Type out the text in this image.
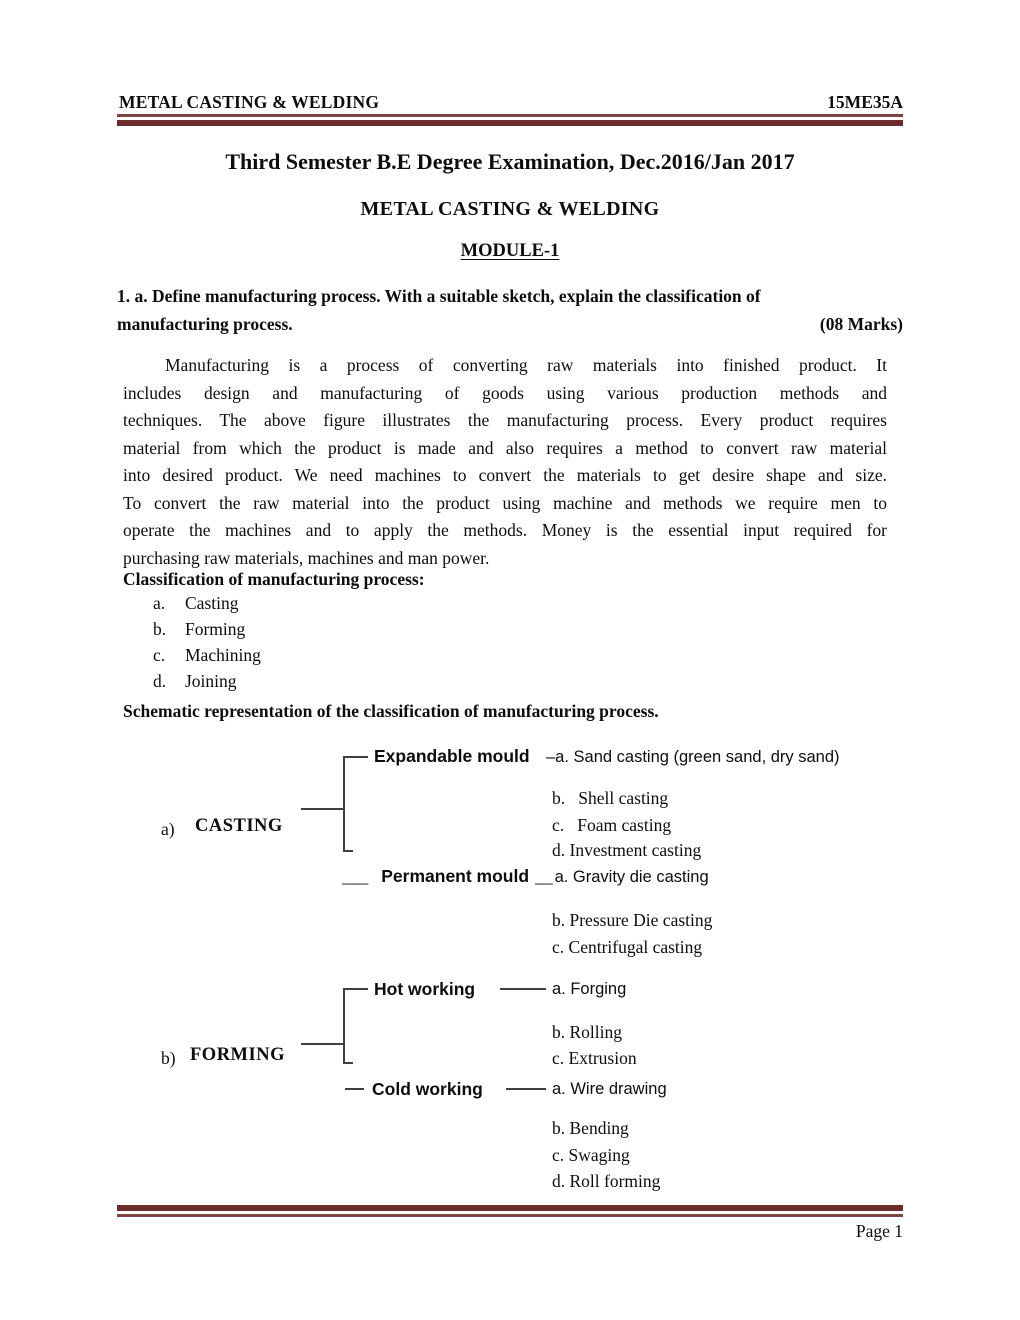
METAL CASTING & WELDING	15ME35A
Third Semester B.E Degree Examination, Dec.2016/Jan 2017
METAL CASTING & WELDING
MODULE-1
1. a. Define manufacturing process. With a suitable sketch, explain the classification of
manufacturing process.	(08 Marks)
Manufacturing is a process of converting raw materials into finished product. It
includes design and manufacturing of goods using various production methods and
techniques. The above figure illustrates the manufacturing process. Every product requires
material from which the product is made and also requires a method to convert raw material
into desired product. We need machines to convert the materials to get desire shape and size.
To convert the raw material into the product using machine and methods we require men to
operate the machines and to apply the methods. Money is the essential input required for
purchasing raw materials, machines and man power.
Classification of manufacturing process:
a.	Casting
b.	Forming
c.	Machining
d.	Joining
Schematic representation of the classification of manufacturing process.
a) CASTING
Expandable mould –a. Sand casting (green sand, dry sand)
b.   Shell casting
c.   Foam casting
d. Investment casting
___ Permanent mould __ a. Gravity die casting
b. Pressure Die casting
c. Centrifugal casting
b) FORMING
Hot working	a. Forging
b. Rolling
c. Extrusion
Cold working	a. Wire drawing
b. Bending
c. Swaging
d. Roll forming
Page 1
